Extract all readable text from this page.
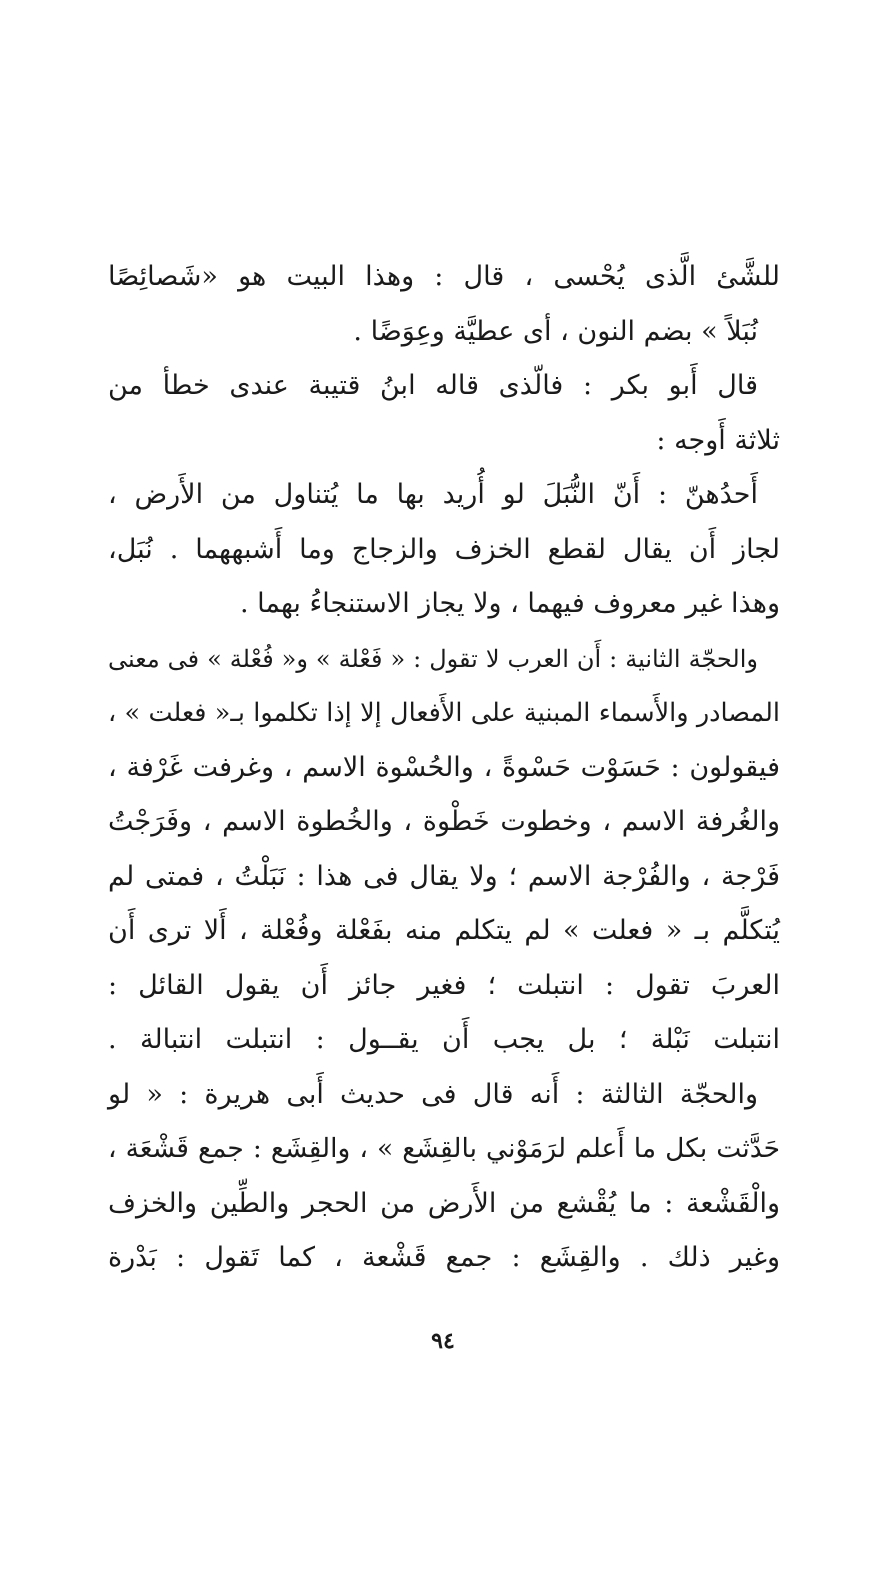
للشَّئ الَّذى يُحْسى ، قال : وهذا البيت هو «شَصائِصًا
نُبَلاً » بضم النون ، أى عطيَّة وعِوَضًا .
قال أَبو بكر : فالّذى قاله ابنُ قتيبة عندى خطأ من
ثلاثة أَوجه :
أَحدُهنّ : أَنّ النُّبَلَ لو أُريد بها ما يُتناول من الأَرض ،
لجاز أَن يقال لقطع الخزف والزجاج وما أَشبههما . نُبَل،
وهذا غير معروف فيهما ، ولا يجاز الاستنجاءُ بهما .
والحجّة الثانية : أَن العرب لا تقول : « فَعْلة » و« فُعْلة » فى معنى
المصادر والأَسماء المبنية على الأَفعال إلا إذا تكلموا بـ« فعلت » ،
فيقولون : حَسَوْت حَسْوةً ، والحُسْوة الاسم ، وغرفت غَرْفة ،
والغُرفة الاسم ، وخطوت خَطْوة ، والخُطوة الاسم ، وفَرَجْتُ
فَرْجة ، والفُرْجة الاسم ؛ ولا يقال فى هذا : نَبَلْتُ ، فمتى لم
يُتكلَّم بـ « فعلت » لم يتكلم منه بفَعْلة وفُعْلة ، أَلا ترى أَن
العربَ تقول : انتبلت ؛ فغير جائز أَن يقول القائل :
انتبلت نَبْلة ؛ بل يجب أَن يقــول : انتبلت انتبالة .
والحجّة الثالثة : أَنه قال فى حديث أَبى هريرة : « لو
حَدَّثت بكل ما أَعلم لرَمَوْني بالقِشَع » ، والقِشَع : جمع قَشْعَة ،
والْقَشْعة : ما يُقْشع من الأَرض من الحجر والطِّين والخزف
وغير ذلك . والقِشَع : جمع قَشْعة ، كما تَقول : بَدْرة
٩٤
